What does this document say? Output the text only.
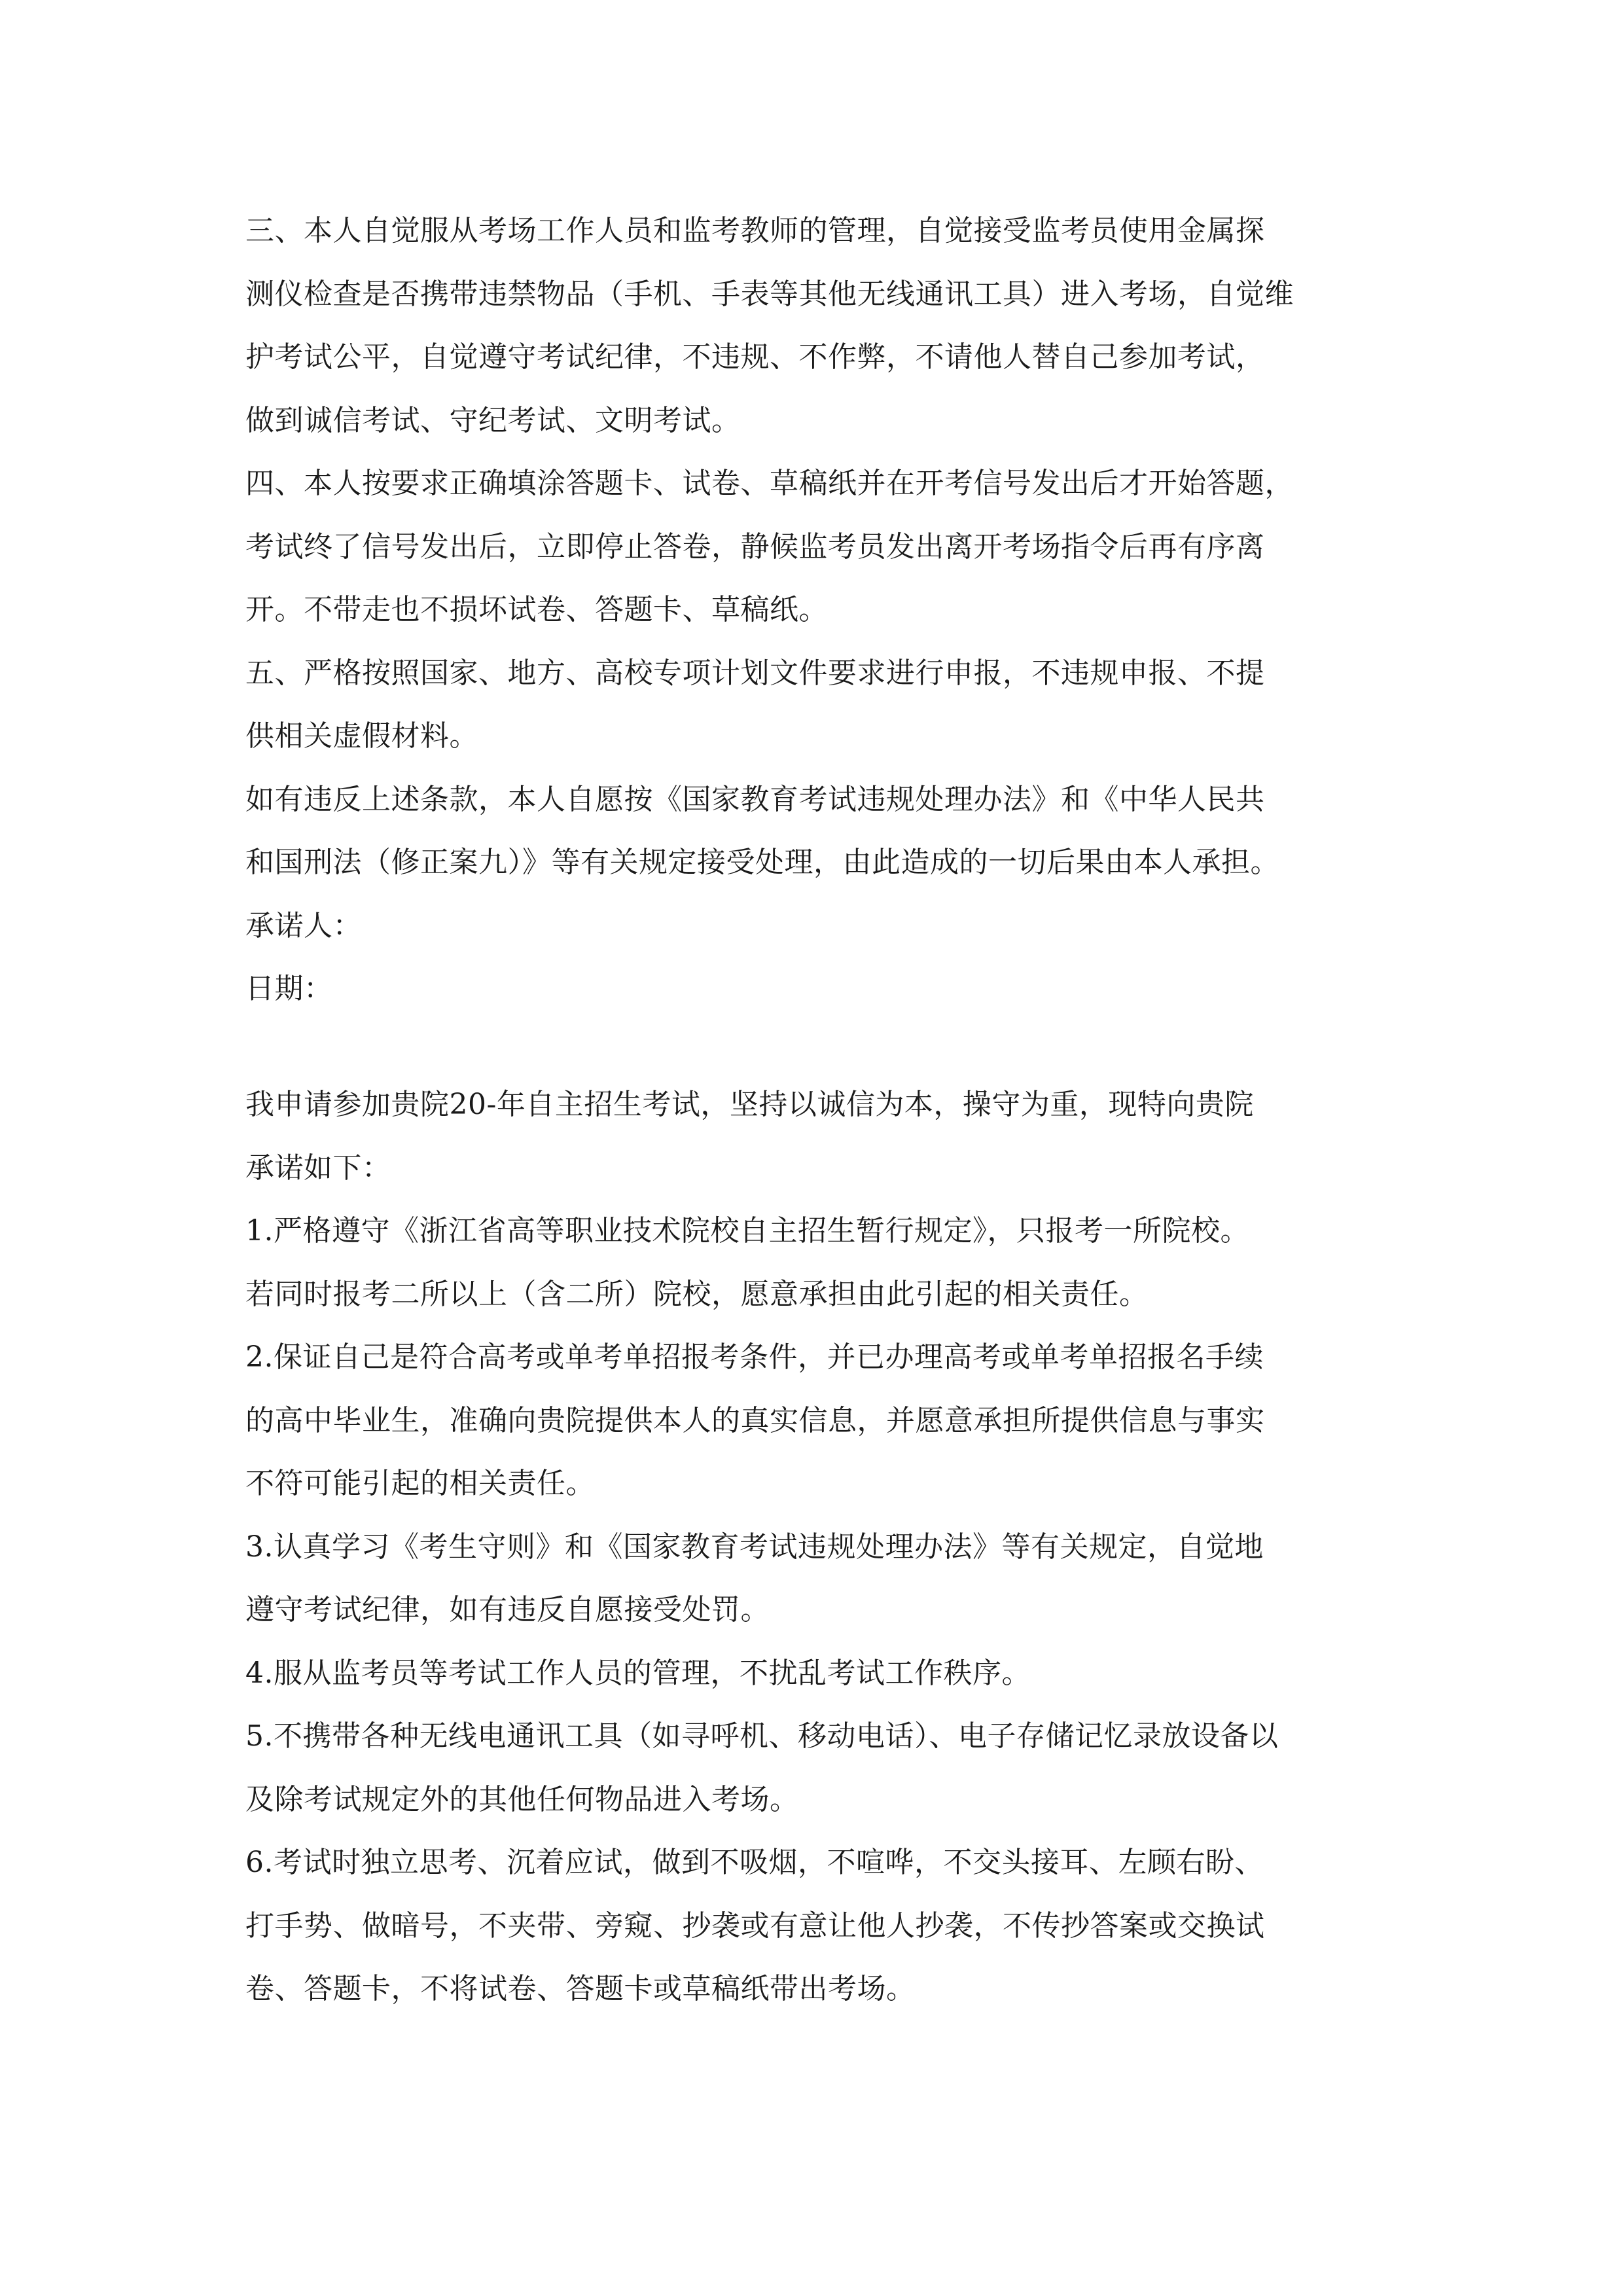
三、本人自觉服从考场工作人员和监考教师的管理，自觉接受监考员使用金属探
测仪检查是否携带违禁物品（手机、手表等其他无线通讯工具）进入考场，自觉维
护考试公平，自觉遵守考试纪律，不违规、不作弊，不请他人替自己参加考试，
做到诚信考试、守纪考试、文明考试。
四、本人按要求正确填涂答题卡、试卷、草稿纸并在开考信号发出后才开始答题，
考试终了信号发出后，立即停止答卷，静候监考员发出离开考场指令后再有序离
开。不带走也不损坏试卷、答题卡、草稿纸。
五、严格按照国家、地方、高校专项计划文件要求进行申报，不违规申报、不提
供相关虚假材料。
如有违反上述条款，本人自愿按《国家教育考试违规处理办法》和《中华人民共
和国刑法（修正案九）》等有关规定接受处理，由此造成的一切后果由本人承担。
承诺人：
日期：
我申请参加贵院20-年自主招生考试，坚持以诚信为本，操守为重，现特向贵院
承诺如下：
1.严格遵守《浙江省高等职业技术院校自主招生暂行规定》，只报考一所院校。
若同时报考二所以上（含二所）院校，愿意承担由此引起的相关责任。
2.保证自己是符合高考或单考单招报考条件，并已办理高考或单考单招报名手续
的高中毕业生，准确向贵院提供本人的真实信息，并愿意承担所提供信息与事实
不符可能引起的相关责任。
3.认真学习《考生守则》和《国家教育考试违规处理办法》等有关规定，自觉地
遵守考试纪律，如有违反自愿接受处罚。
4.服从监考员等考试工作人员的管理，不扰乱考试工作秩序。
5.不携带各种无线电通讯工具（如寻呼机、移动电话）、电子存储记忆录放设备以
及除考试规定外的其他任何物品进入考场。
6.考试时独立思考、沉着应试，做到不吸烟，不喧哗，不交头接耳、左顾右盼、
打手势、做暗号，不夹带、旁窥、抄袭或有意让他人抄袭，不传抄答案或交换试
卷、答题卡，不将试卷、答题卡或草稿纸带出考场。
